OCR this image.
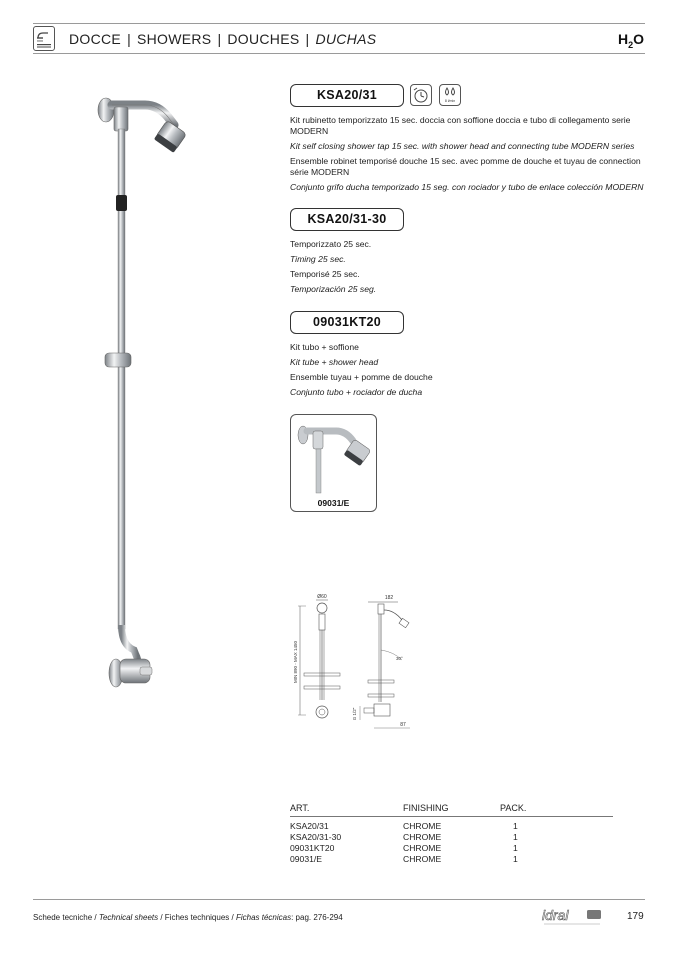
DOCCE | SHOWERS | DOUCHES | DUCHAS	$H_2O$
KSA20/31	8 l/min

Kit rubinetto temporizzato 15 sec. doccia con soffione doccia e tubo di collegamento serie MODERN

Kit self closing shower tap 15 sec. with shower head and connecting tube MODERN series

Ensemble robinet temporisé douche 15 sec. avec pomme de douche et tuyau de connection série MODERN

Conjunto grifo ducha temporizado 15 seg. con rociador y tubo de enlace colección MODERN

KSA20/31-30

Temporizzato 25 sec.

Timing 25 sec.

Temporisé 25 sec.

Temporización 25 seg.

09031KT20

Kit tubo + soffione

Kit tube + shower head

Ensemble tuyau + pomme de douche

Conjunto tubo + rociador de ducha

09031/E
Ø60
MIN 890 - MAX 1450
182
30°
G 1/2"
87
ART.	FINISHING	PACK.
KSA20/31	CHROME	1
KSA20/31-30	CHROME	1
09031KT20	CHROME	1
09031/E	CHROME	1
Schede tecniche / Technical sheets / Fiches techniques / Fichas técnicas: pag. 276-294	idral	179
